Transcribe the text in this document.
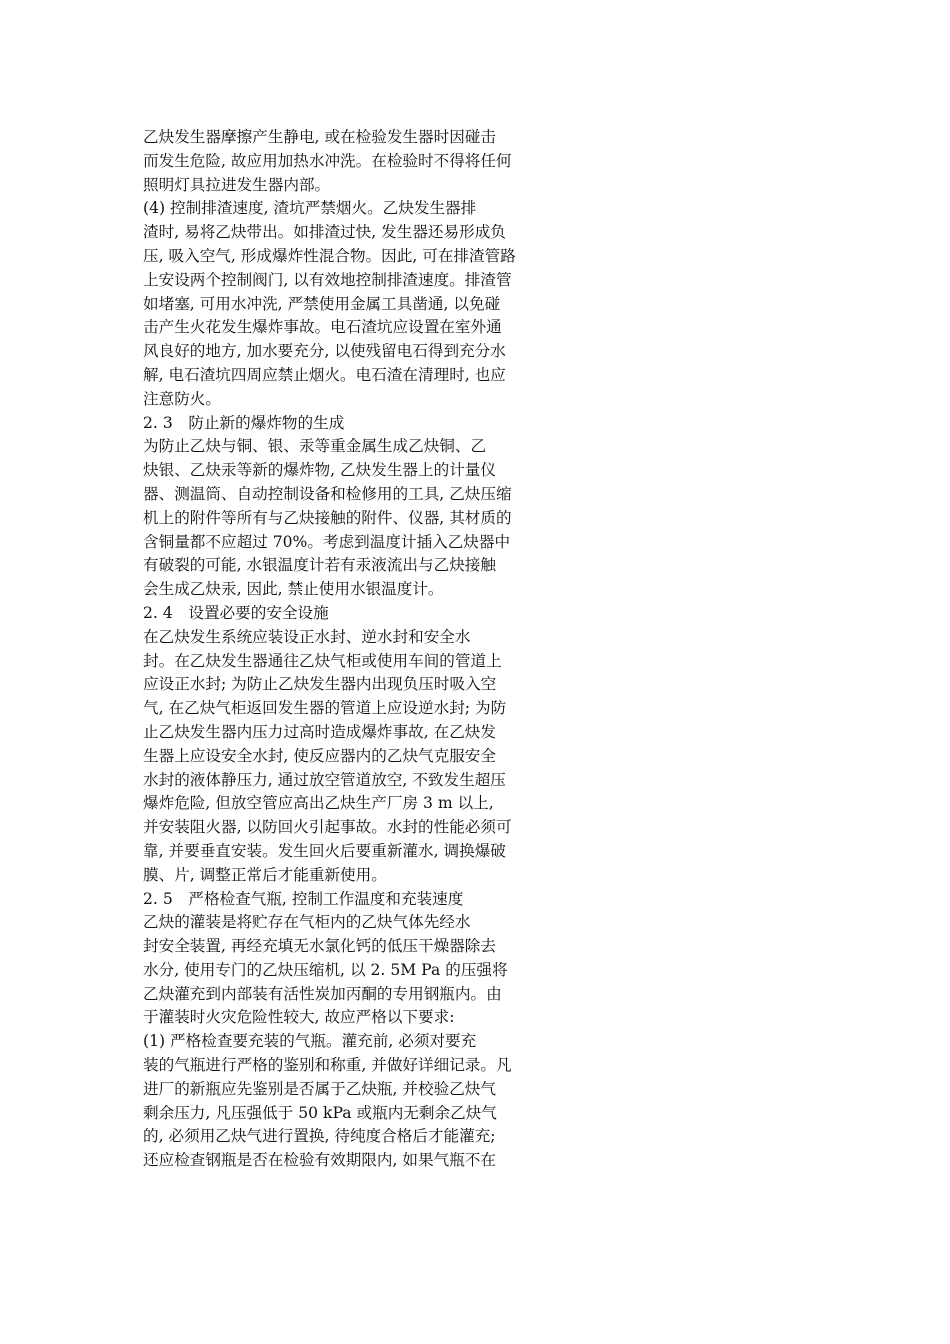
乙炔发生器摩擦产生静电, 或在检验发生器时因碰击
而发生危险, 故应用加热水冲洗。在检验时不得将任何
照明灯具拉进发生器内部。
(4) 控制排渣速度, 渣坑严禁烟火。乙炔发生器排
渣时, 易将乙炔带出。如排渣过快, 发生器还易形成负
压, 吸入空气, 形成爆炸性混合物。因此, 可在排渣管路
上安设两个控制阀门, 以有效地控制排渣速度。排渣管
如堵塞, 可用水冲洗, 严禁使用金属工具凿通, 以免碰
击产生火花发生爆炸事故。电石渣坑应设置在室外通
风良好的地方, 加水要充分, 以使残留电石得到充分水
解, 电石渣坑四周应禁止烟火。电石渣在清理时, 也应
注意防火。
2. 3　防止新的爆炸物的生成
为防止乙炔与铜、银、汞等重金属生成乙炔铜、乙
炔银、乙炔汞等新的爆炸物, 乙炔发生器上的计量仪
器、测温筒、自动控制设备和检修用的工具, 乙炔压缩
机上的附件等所有与乙炔接触的附件、仪器, 其材质的
含铜量都不应超过 70%。考虑到温度计插入乙炔器中
有破裂的可能, 水银温度计若有汞液流出与乙炔接触
会生成乙炔汞, 因此, 禁止使用水银温度计。
2. 4　设置必要的安全设施
在乙炔发生系统应装设正水封、逆水封和安全水
封。在乙炔发生器通往乙炔气柜或使用车间的管道上
应设正水封; 为防止乙炔发生器内出现负压时吸入空
气, 在乙炔气柜返回发生器的管道上应设逆水封; 为防
止乙炔发生器内压力过高时造成爆炸事故, 在乙炔发
生器上应设安全水封, 使反应器内的乙炔气克服安全
水封的液体静压力, 通过放空管道放空, 不致发生超压
爆炸危险, 但放空管应高出乙炔生产厂房 3 m 以上,
并安装阻火器, 以防回火引起事故。水封的性能必须可
靠, 并要垂直安装。发生回火后要重新灌水, 调换爆破
膜、片, 调整正常后才能重新使用。
2. 5　严格检查气瓶, 控制工作温度和充装速度
乙炔的灌装是将贮存在气柜内的乙炔气体先经水
封安全装置, 再经充填无水氯化钙的低压干燥器除去
水分, 使用专门的乙炔压缩机, 以 2. 5M Pa 的压强将
乙炔灌充到内部装有活性炭加丙酮的专用钢瓶内。由
于灌装时火灾危险性较大, 故应严格以下要求:
(1) 严格检查要充装的气瓶。灌充前, 必须对要充
装的气瓶进行严格的鉴别和称重, 并做好详细记录。凡
进厂的新瓶应先鉴别是否属于乙炔瓶, 并校验乙炔气
剩余压力, 凡压强低于 50 kPa 或瓶内无剩余乙炔气
的, 必须用乙炔气进行置换, 待纯度合格后才能灌充;
还应检查钢瓶是否在检验有效期限内, 如果气瓶不在
